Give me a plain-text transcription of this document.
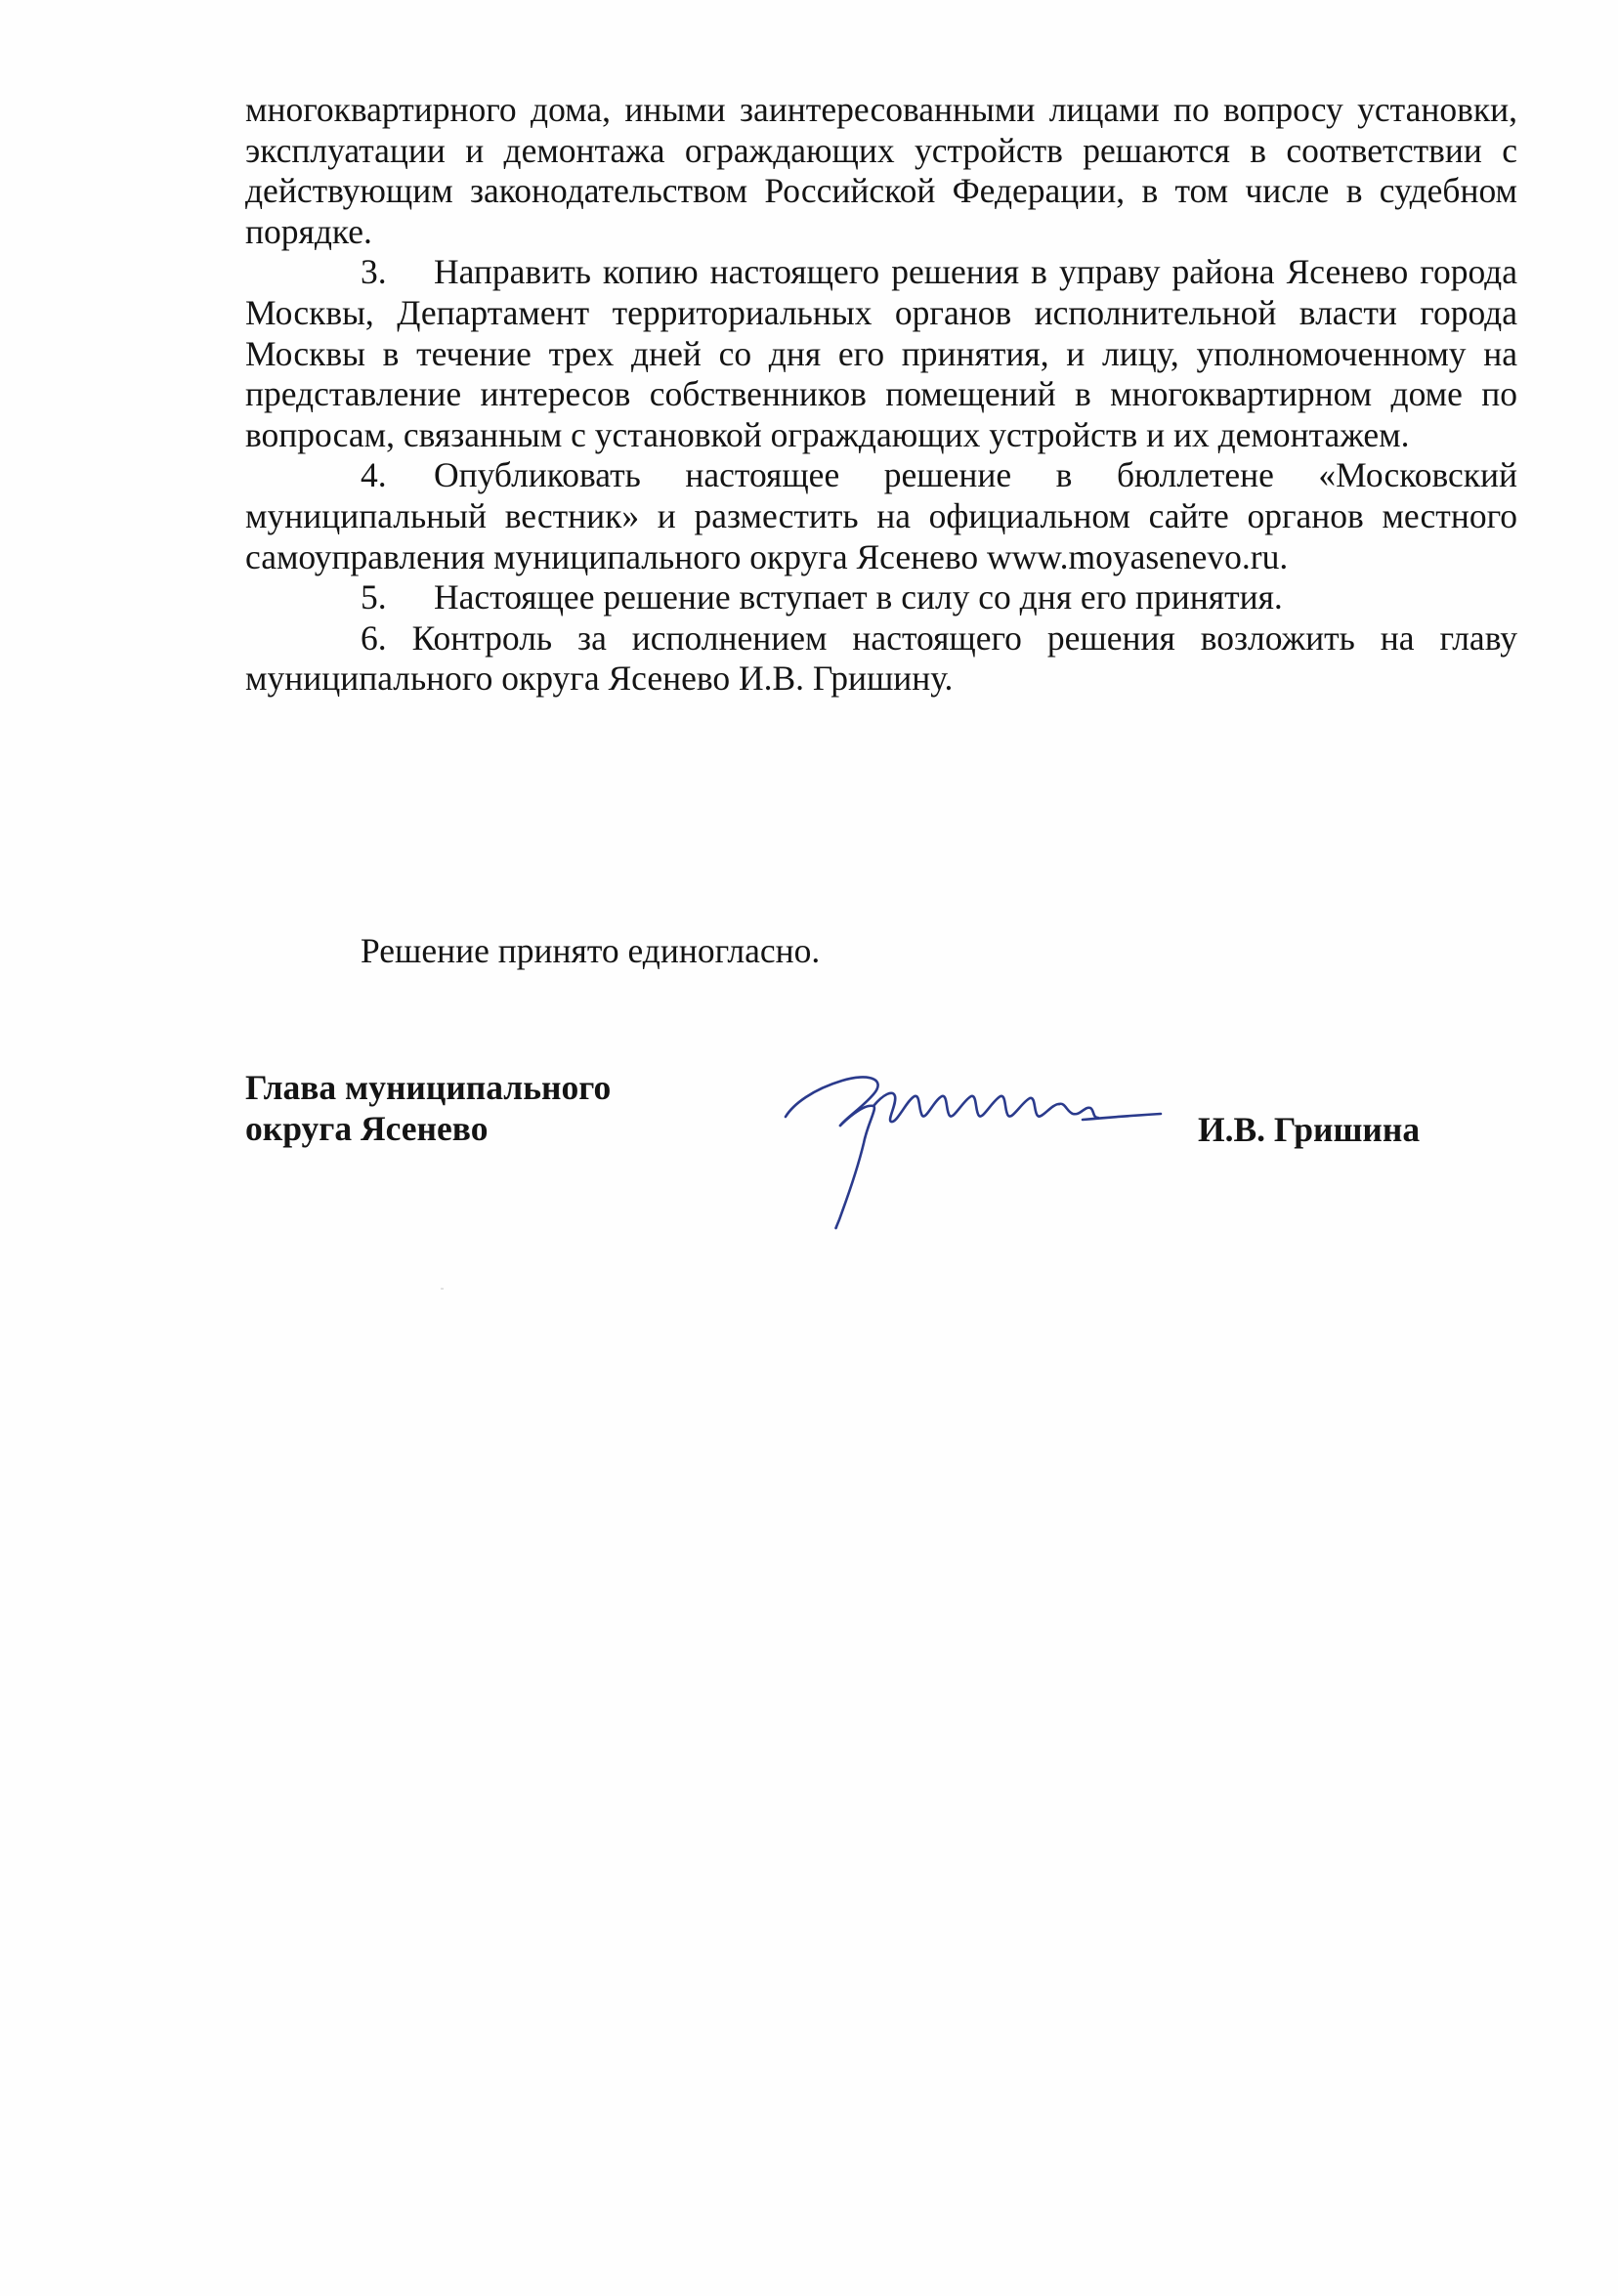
многоквартирного дома, иными заинтересованными лицами по вопросу установки, эксплуатации и демонтажа ограждающих устройств решаются в соответствии с действующим законодательством Российской Федерации, в том числе в судебном порядке.

3. Направить копию настоящего решения в управу района Ясенево города Москвы, Департамент территориальных органов исполнительной власти города Москвы в течение трех дней со дня его принятия, и лицу, уполномоченному на представление интересов собственников помещений в многоквартирном доме по вопросам, связанным с установкой ограждающих устройств и их демонтажем.

4. Опубликовать настоящее решение в бюллетене «Московский муниципальный вестник» и разместить на официальном сайте органов местного самоуправления муниципального округа Ясенево www.moyasenevo.ru.

5. Настоящее решение вступает в силу со дня его принятия.

6. Контроль за исполнением настоящего решения возложить на главу муниципального округа Ясенево И.В. Гришину.

Решение принято единогласно.
Глава муниципального
округа Ясенево	И.В. Гришина
